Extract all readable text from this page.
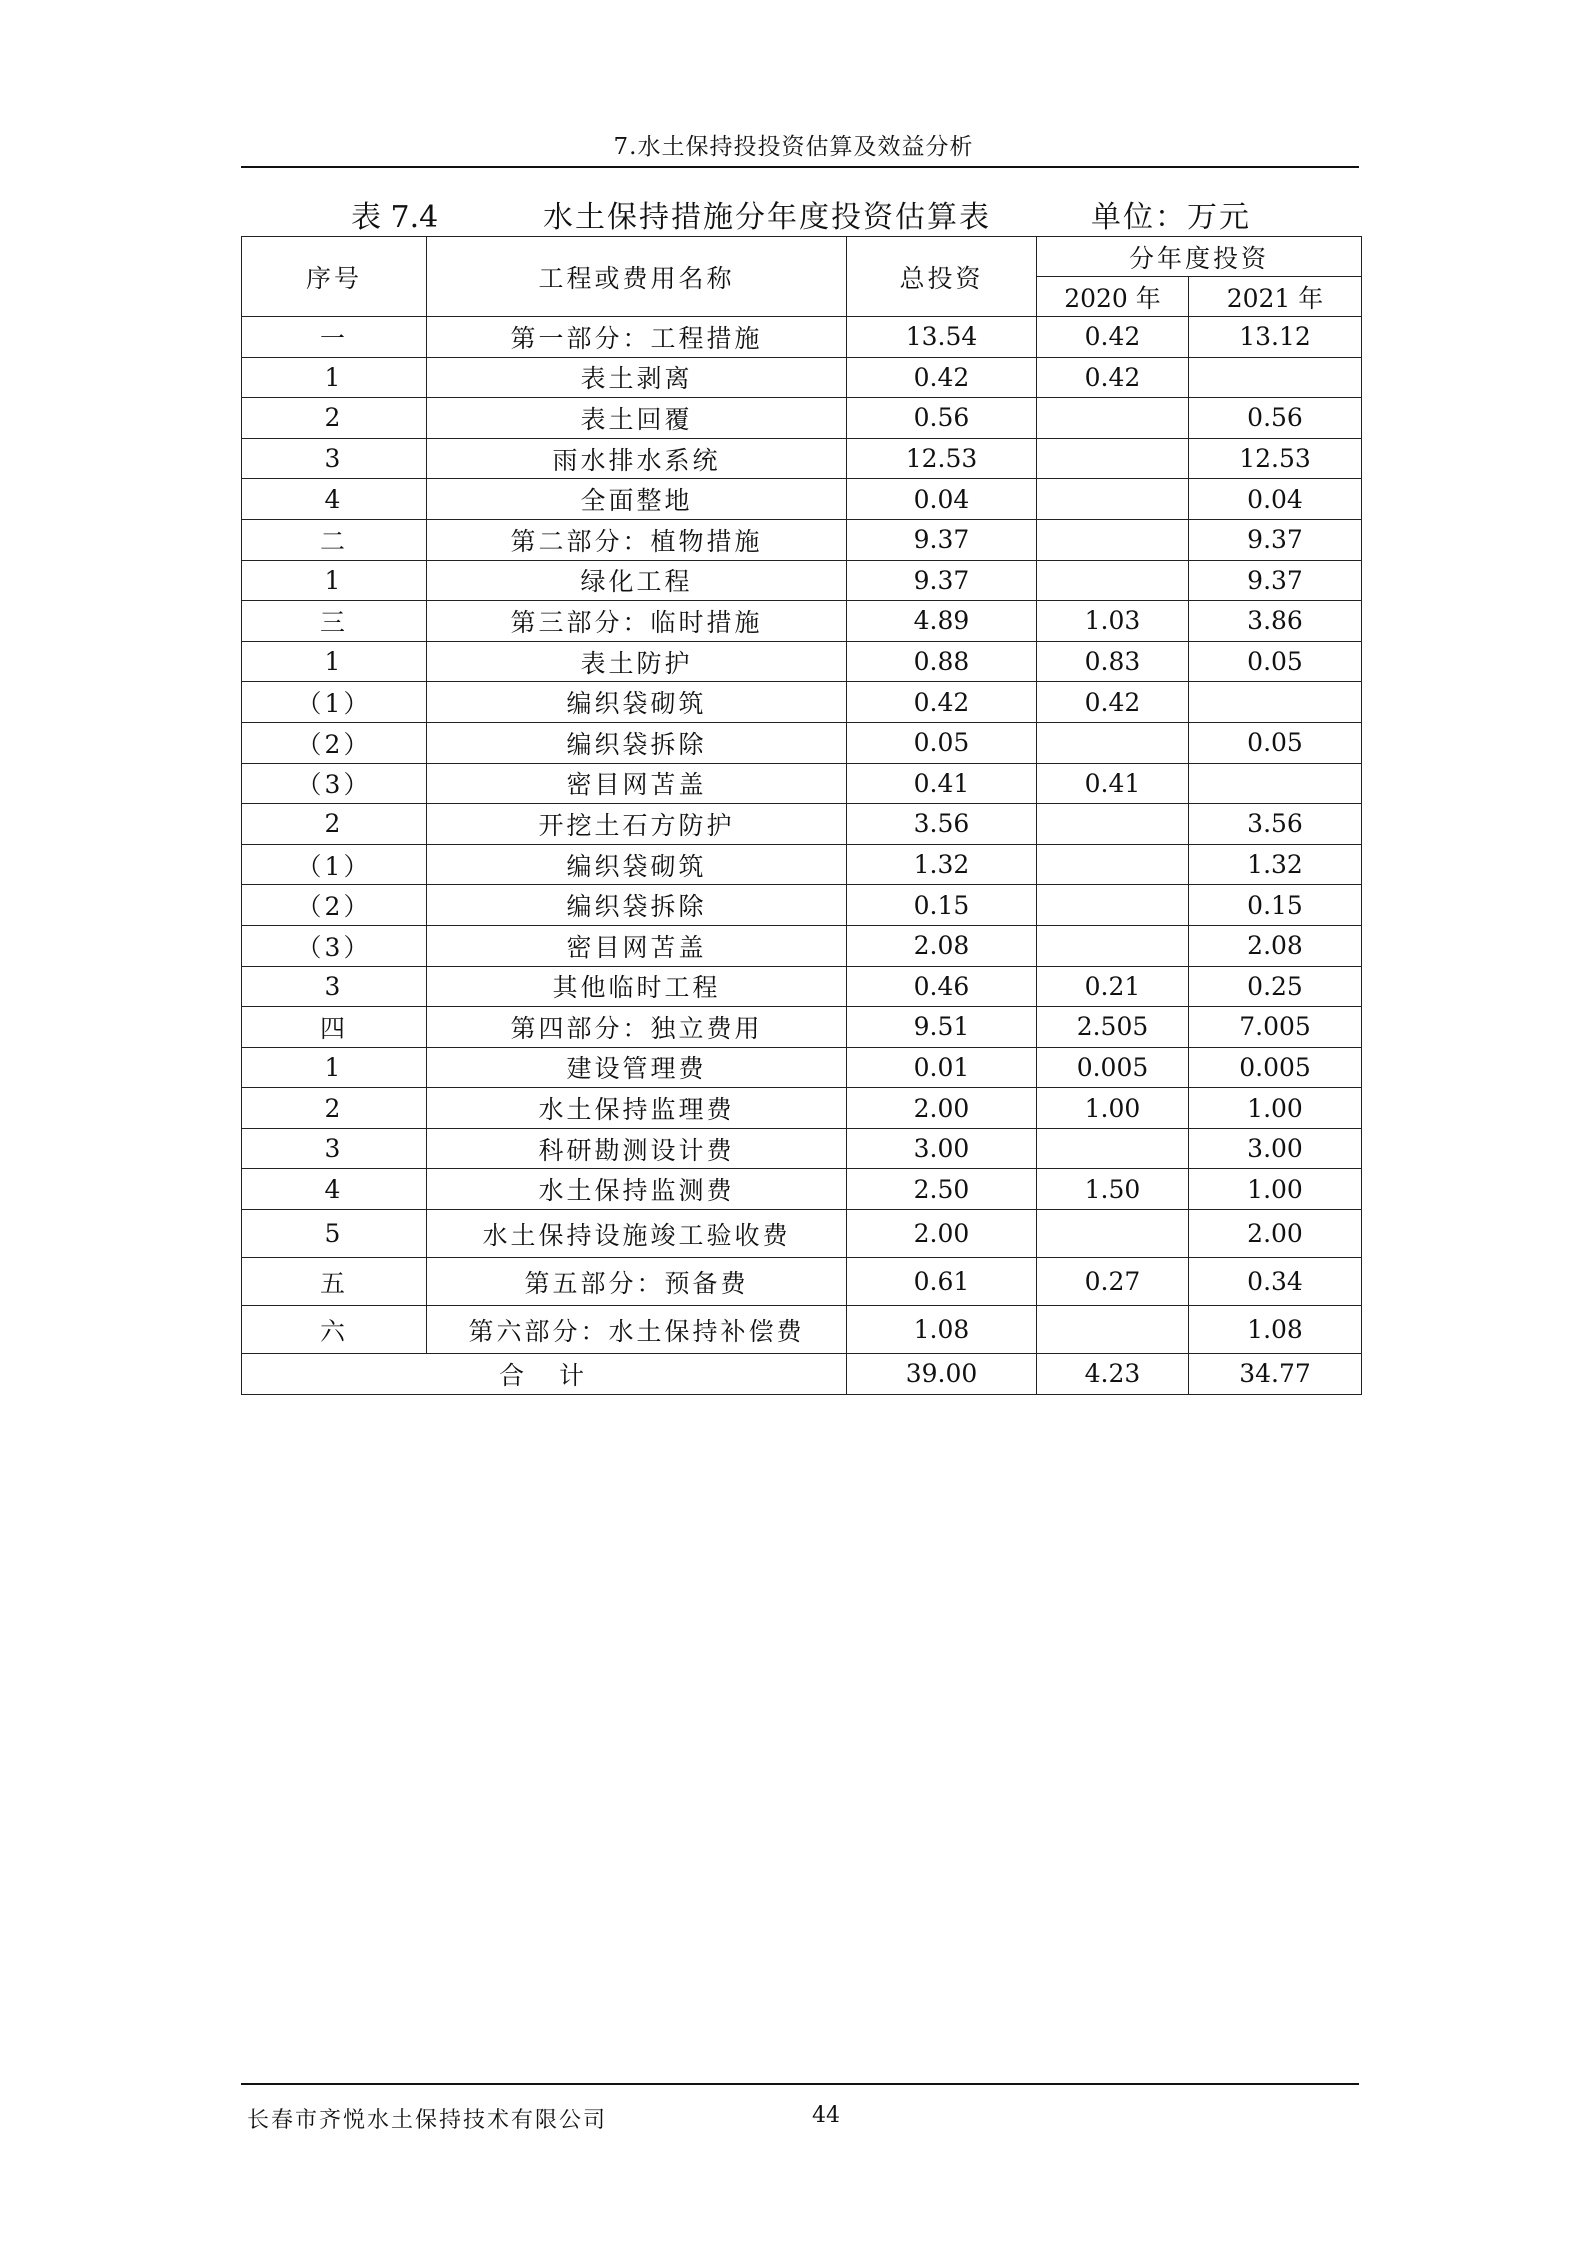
7.水土保持投投资估算及效益分析
表 7.4	水土保持措施分年度投资估算表	单位：万元
序号	工程或费用名称	总投资	分年度投资	
			2020 年	2021 年
一	第一部分：工程措施	13.54	0.42	13.12
1	表土剥离	0.42	0.42	
2	表土回覆	0.56		0.56
3	雨水排水系统	12.53		12.53
4	全面整地	0.04		0.04
二	第二部分：植物措施	9.37		9.37
1	绿化工程	9.37		9.37
三	第三部分：临时措施	4.89	1.03	3.86
1	表土防护	0.88	0.83	0.05
（1）	编织袋砌筑	0.42	0.42	
（2）	编织袋拆除	0.05		0.05
（3）	密目网苫盖	0.41	0.41	
2	开挖土石方防护	3.56		3.56
（1）	编织袋砌筑	1.32		1.32
（2）	编织袋拆除	0.15		0.15
（3）	密目网苫盖	2.08		2.08
3	其他临时工程	0.46	0.21	0.25
四	第四部分：独立费用	9.51	2.505	7.005
1	建设管理费	0.01	0.005	0.005
2	水土保持监理费	2.00	1.00	1.00
3	科研勘测设计费	3.00		3.00
4	水土保持监测费	2.50	1.50	1.00
5	水土保持设施竣工验收费	2.00		2.00
五	第五部分：预备费	0.61	0.27	0.34
六	第六部分：水土保持补偿费	1.08		1.08
合 计		39.00	4.23	34.77
长春市齐悦水土保持技术有限公司	44
